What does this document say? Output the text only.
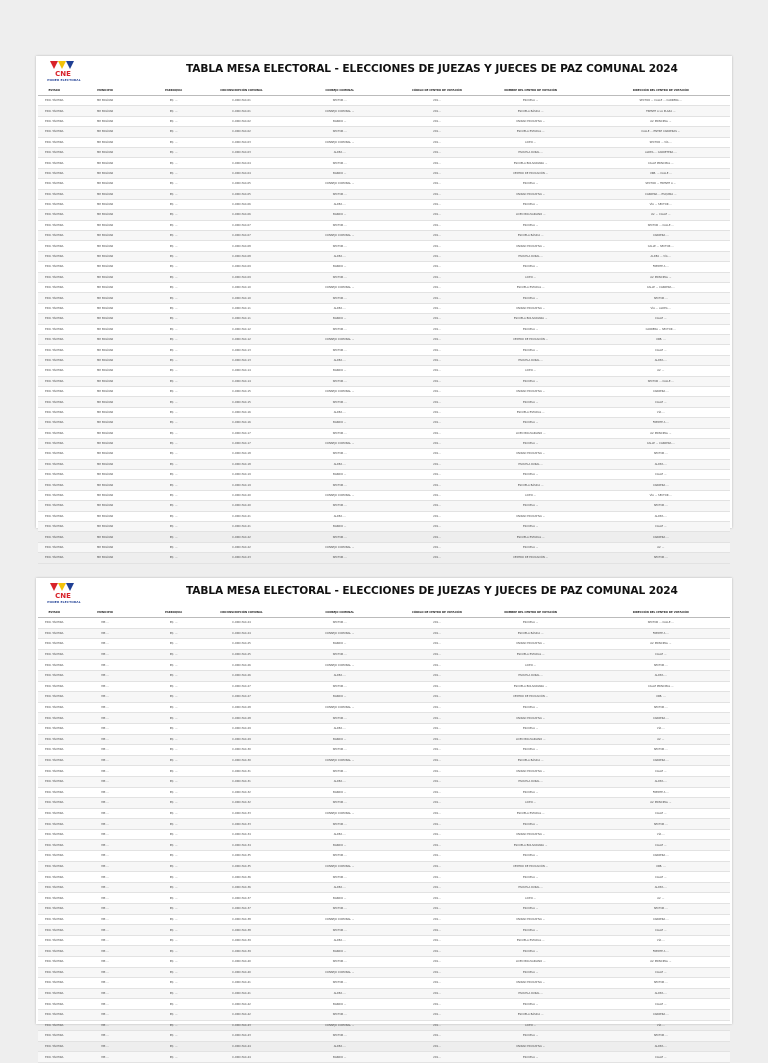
CNE
PODER ELECTORAL
TABLA MESA ELECTORAL - ELECCIONES DE JUEZAS Y JUECES DE PAZ COMUNAL 2024
ESTADO	MUNICIPIO	PARROQUIA	CIRCUNSCRIPCIÓN COMUNAL	CONSEJO COMUNAL	CÓDIGO DE CENTRO DE VOTACIÓN	NOMBRE DEL CENTRO DE VOTACIÓN	DIRECCIÓN DEL CENTRO DE VOTACIÓN
EDO. TÁCHIRA	MP. BOLÍVAR	PQ. ...	C-CIRC-TAC-01	SECTOR ...	201...	ESCUELA ...	SECTOR ... CALLE ... CARRERA ...
EDO. TÁCHIRA	MP. BOLÍVAR	PQ. ...	C-CIRC-TAC-01	CONSEJO COMUNAL ...	201...	ESCUELA BÁSICA ...	FRENTE A LA PLAZA ...
EDO. TÁCHIRA	MP. BOLÍVAR	PQ. ...	C-CIRC-TAC-02	BARRIO ...	201...	UNIDAD EDUCATIVA ...	AV. PRINCIPAL ...
EDO. TÁCHIRA	MP. BOLÍVAR	PQ. ...	C-CIRC-TAC-02	SECTOR ...	201...	ESCUELA ESTADAL ...	CALLE ... ENTRE CARRERAS ...
EDO. TÁCHIRA	MP. BOLÍVAR	PQ. ...	C-CIRC-TAC-03	CONSEJO COMUNAL ...	201...	LICEO ...	SECTOR ... VÍA ...
EDO. TÁCHIRA	MP. BOLÍVAR	PQ. ...	C-CIRC-TAC-03	ALDEA ...	201...	ESCUELA RURAL ...	ALDEA ... CARRETERA ...
EDO. TÁCHIRA	MP. BOLÍVAR	PQ. ...	C-CIRC-TAC-04	SECTOR ...	201...	ESCUELA BOLIVARIANA ...	CALLE PRINCIPAL ...
EDO. TÁCHIRA	MP. BOLÍVAR	PQ. ...	C-CIRC-TAC-04	BARRIO ...	201...	CENTRO DE EDUCACIÓN ...	URB. ... CALLE ...
EDO. TÁCHIRA	MP. BOLÍVAR	PQ. ...	C-CIRC-TAC-05	CONSEJO COMUNAL ...	201...	ESCUELA ...	SECTOR ... FRENTE A ...
EDO. TÁCHIRA	MP. BOLÍVAR	PQ. ...	C-CIRC-TAC-05	SECTOR ...	201...	UNIDAD EDUCATIVA ...	CARRERA ... ESQUINA ...
EDO. TÁCHIRA	MP. BOLÍVAR	PQ. ...	C-CIRC-TAC-06	ALDEA ...	201...	ESCUELA ...	VÍA ... SECTOR ...
EDO. TÁCHIRA	MP. BOLÍVAR	PQ. ...	C-CIRC-TAC-06	BARRIO ...	201...	LICEO BOLIVARIANO ...	AV. ... CALLE ...
EDO. TÁCHIRA	MP. BOLÍVAR	PQ. ...	C-CIRC-TAC-07	SECTOR ...	201...	ESCUELA ...	SECTOR ... CALLE ...
EDO. TÁCHIRA	MP. BOLÍVAR	PQ. ...	C-CIRC-TAC-07	CONSEJO COMUNAL ...	201...	ESCUELA BÁSICA ...	CARRERA ...
EDO. TÁCHIRA	MP. BOLÍVAR	PQ. ...	C-CIRC-TAC-08	SECTOR ...	201...	UNIDAD EDUCATIVA ...	CALLE ... SECTOR ...
EDO. TÁCHIRA	MP. BOLÍVAR	PQ. ...	C-CIRC-TAC-08	ALDEA ...	201...	ESCUELA RURAL ...	ALDEA ... VÍA ...
EDO. TÁCHIRA	MP. BOLÍVAR	PQ. ...	C-CIRC-TAC-09	BARRIO ...	201...	ESCUELA ...	FRENTE A ...
EDO. TÁCHIRA	MP. BOLÍVAR	PQ. ...	C-CIRC-TAC-09	SECTOR ...	201...	LICEO ...	AV. PRINCIPAL ...
EDO. TÁCHIRA	MP. BOLÍVAR	PQ. ...	C-CIRC-TAC-10	CONSEJO COMUNAL ...	201...	ESCUELA ESTADAL ...	CALLE ... CARRERA ...
EDO. TÁCHIRA	MP. BOLÍVAR	PQ. ...	C-CIRC-TAC-10	SECTOR ...	201...	ESCUELA ...	SECTOR ...
EDO. TÁCHIRA	MP. BOLÍVAR	PQ. ...	C-CIRC-TAC-11	ALDEA ...	201...	UNIDAD EDUCATIVA ...	VÍA ... ALDEA ...
EDO. TÁCHIRA	MP. BOLÍVAR	PQ. ...	C-CIRC-TAC-11	BARRIO ...	201...	ESCUELA BOLIVARIANA ...	CALLE ...
EDO. TÁCHIRA	MP. BOLÍVAR	PQ. ...	C-CIRC-TAC-12	SECTOR ...	201...	ESCUELA ...	CARRERA ... SECTOR ...
EDO. TÁCHIRA	MP. BOLÍVAR	PQ. ...	C-CIRC-TAC-12	CONSEJO COMUNAL ...	201...	CENTRO DE EDUCACIÓN ...	URB. ...
EDO. TÁCHIRA	MP. BOLÍVAR	PQ. ...	C-CIRC-TAC-13	SECTOR ...	201...	ESCUELA ...	CALLE ...
EDO. TÁCHIRA	MP. BOLÍVAR	PQ. ...	C-CIRC-TAC-13	ALDEA ...	201...	ESCUELA RURAL ...	ALDEA ...
EDO. TÁCHIRA	MP. BOLÍVAR	PQ. ...	C-CIRC-TAC-14	BARRIO ...	201...	LICEO ...	AV. ...
EDO. TÁCHIRA	MP. BOLÍVAR	PQ. ...	C-CIRC-TAC-14	SECTOR ...	201...	ESCUELA ...	SECTOR ... CALLE ...
EDO. TÁCHIRA	MP. BOLÍVAR	PQ. ...	C-CIRC-TAC-15	CONSEJO COMUNAL ...	201...	UNIDAD EDUCATIVA ...	CARRERA ...
EDO. TÁCHIRA	MP. BOLÍVAR	PQ. ...	C-CIRC-TAC-15	SECTOR ...	201...	ESCUELA ...	CALLE ...
EDO. TÁCHIRA	MP. BOLÍVAR	PQ. ...	C-CIRC-TAC-16	ALDEA ...	201...	ESCUELA ESTADAL ...	VÍA ...
EDO. TÁCHIRA	MP. BOLÍVAR	PQ. ...	C-CIRC-TAC-16	BARRIO ...	201...	ESCUELA ...	FRENTE A ...
EDO. TÁCHIRA	MP. BOLÍVAR	PQ. ...	C-CIRC-TAC-17	SECTOR ...	201...	LICEO BOLIVARIANO ...	AV. PRINCIPAL ...
EDO. TÁCHIRA	MP. BOLÍVAR	PQ. ...	C-CIRC-TAC-17	CONSEJO COMUNAL ...	201...	ESCUELA ...	CALLE ... CARRERA ...
EDO. TÁCHIRA	MP. BOLÍVAR	PQ. ...	C-CIRC-TAC-18	SECTOR ...	201...	UNIDAD EDUCATIVA ...	SECTOR ...
EDO. TÁCHIRA	MP. BOLÍVAR	PQ. ...	C-CIRC-TAC-18	ALDEA ...	201...	ESCUELA RURAL ...	ALDEA ...
EDO. TÁCHIRA	MP. BOLÍVAR	PQ. ...	C-CIRC-TAC-19	BARRIO ...	201...	ESCUELA ...	CALLE ...
EDO. TÁCHIRA	MP. BOLÍVAR	PQ. ...	C-CIRC-TAC-19	SECTOR ...	201...	ESCUELA BÁSICA ...	CARRERA ...
EDO. TÁCHIRA	MP. BOLÍVAR	PQ. ...	C-CIRC-TAC-20	CONSEJO COMUNAL ...	201...	LICEO ...	VÍA ... SECTOR ...
EDO. TÁCHIRA	MP. BOLÍVAR	PQ. ...	C-CIRC-TAC-20	SECTOR ...	201...	ESCUELA ...	SECTOR ...
EDO. TÁCHIRA	MP. BOLÍVAR	PQ. ...	C-CIRC-TAC-21	ALDEA ...	201...	UNIDAD EDUCATIVA ...	ALDEA ...
EDO. TÁCHIRA	MP. BOLÍVAR	PQ. ...	C-CIRC-TAC-21	BARRIO ...	201...	ESCUELA ...	CALLE ...
EDO. TÁCHIRA	MP. BOLÍVAR	PQ. ...	C-CIRC-TAC-22	SECTOR ...	201...	ESCUELA ESTADAL ...	CARRERA ...
EDO. TÁCHIRA	MP. BOLÍVAR	PQ. ...	C-CIRC-TAC-22	CONSEJO COMUNAL ...	201...	ESCUELA ...	AV. ...
EDO. TÁCHIRA	MP. BOLÍVAR	PQ. ...	C-CIRC-TAC-23	SECTOR ...	201...	CENTRO DE EDUCACIÓN ...	SECTOR ...
CNE
PODER ELECTORAL
TABLA MESA ELECTORAL - ELECCIONES DE JUEZAS Y JUECES DE PAZ COMUNAL 2024
ESTADO	MUNICIPIO	PARROQUIA	CIRCUNSCRIPCIÓN COMUNAL	CONSEJO COMUNAL	CÓDIGO DE CENTRO DE VOTACIÓN	NOMBRE DEL CENTRO DE VOTACIÓN	DIRECCIÓN DEL CENTRO DE VOTACIÓN
EDO. TÁCHIRA	MP. ...	PQ. ...	C-CIRC-TAC-24	SECTOR ...	201...	ESCUELA ...	SECTOR ... CALLE ...
EDO. TÁCHIRA	MP. ...	PQ. ...	C-CIRC-TAC-24	CONSEJO COMUNAL ...	201...	ESCUELA BÁSICA ...	FRENTE A ...
EDO. TÁCHIRA	MP. ...	PQ. ...	C-CIRC-TAC-25	BARRIO ...	201...	UNIDAD EDUCATIVA ...	AV. PRINCIPAL ...
EDO. TÁCHIRA	MP. ...	PQ. ...	C-CIRC-TAC-25	SECTOR ...	201...	ESCUELA ESTADAL ...	CALLE ...
EDO. TÁCHIRA	MP. ...	PQ. ...	C-CIRC-TAC-26	CONSEJO COMUNAL ...	201...	LICEO ...	SECTOR ...
EDO. TÁCHIRA	MP. ...	PQ. ...	C-CIRC-TAC-26	ALDEA ...	201...	ESCUELA RURAL ...	ALDEA ...
EDO. TÁCHIRA	MP. ...	PQ. ...	C-CIRC-TAC-27	SECTOR ...	201...	ESCUELA BOLIVARIANA ...	CALLE PRINCIPAL ...
EDO. TÁCHIRA	MP. ...	PQ. ...	C-CIRC-TAC-27	BARRIO ...	201...	CENTRO DE EDUCACIÓN ...	URB. ...
EDO. TÁCHIRA	MP. ...	PQ. ...	C-CIRC-TAC-28	CONSEJO COMUNAL ...	201...	ESCUELA ...	SECTOR ...
EDO. TÁCHIRA	MP. ...	PQ. ...	C-CIRC-TAC-28	SECTOR ...	201...	UNIDAD EDUCATIVA ...	CARRERA ...
EDO. TÁCHIRA	MP. ...	PQ. ...	C-CIRC-TAC-29	ALDEA ...	201...	ESCUELA ...	VÍA ...
EDO. TÁCHIRA	MP. ...	PQ. ...	C-CIRC-TAC-29	BARRIO ...	201...	LICEO BOLIVARIANO ...	AV. ...
EDO. TÁCHIRA	MP. ...	PQ. ...	C-CIRC-TAC-30	SECTOR ...	201...	ESCUELA ...	SECTOR ...
EDO. TÁCHIRA	MP. ...	PQ. ...	C-CIRC-TAC-30	CONSEJO COMUNAL ...	201...	ESCUELA BÁSICA ...	CARRERA ...
EDO. TÁCHIRA	MP. ...	PQ. ...	C-CIRC-TAC-31	SECTOR ...	201...	UNIDAD EDUCATIVA ...	CALLE ...
EDO. TÁCHIRA	MP. ...	PQ. ...	C-CIRC-TAC-31	ALDEA ...	201...	ESCUELA RURAL ...	ALDEA ...
EDO. TÁCHIRA	MP. ...	PQ. ...	C-CIRC-TAC-32	BARRIO ...	201...	ESCUELA ...	FRENTE A ...
EDO. TÁCHIRA	MP. ...	PQ. ...	C-CIRC-TAC-32	SECTOR ...	201...	LICEO ...	AV. PRINCIPAL ...
EDO. TÁCHIRA	MP. ...	PQ. ...	C-CIRC-TAC-33	CONSEJO COMUNAL ...	201...	ESCUELA ESTADAL ...	CALLE ...
EDO. TÁCHIRA	MP. ...	PQ. ...	C-CIRC-TAC-33	SECTOR ...	201...	ESCUELA ...	SECTOR ...
EDO. TÁCHIRA	MP. ...	PQ. ...	C-CIRC-TAC-34	ALDEA ...	201...	UNIDAD EDUCATIVA ...	VÍA ...
EDO. TÁCHIRA	MP. ...	PQ. ...	C-CIRC-TAC-34	BARRIO ...	201...	ESCUELA BOLIVARIANA ...	CALLE ...
EDO. TÁCHIRA	MP. ...	PQ. ...	C-CIRC-TAC-35	SECTOR ...	201...	ESCUELA ...	CARRERA ...
EDO. TÁCHIRA	MP. ...	PQ. ...	C-CIRC-TAC-35	CONSEJO COMUNAL ...	201...	CENTRO DE EDUCACIÓN ...	URB. ...
EDO. TÁCHIRA	MP. ...	PQ. ...	C-CIRC-TAC-36	SECTOR ...	201...	ESCUELA ...	CALLE ...
EDO. TÁCHIRA	MP. ...	PQ. ...	C-CIRC-TAC-36	ALDEA ...	201...	ESCUELA RURAL ...	ALDEA ...
EDO. TÁCHIRA	MP. ...	PQ. ...	C-CIRC-TAC-37	BARRIO ...	201...	LICEO ...	AV. ...
EDO. TÁCHIRA	MP. ...	PQ. ...	C-CIRC-TAC-37	SECTOR ...	201...	ESCUELA ...	SECTOR ...
EDO. TÁCHIRA	MP. ...	PQ. ...	C-CIRC-TAC-38	CONSEJO COMUNAL ...	201...	UNIDAD EDUCATIVA ...	CARRERA ...
EDO. TÁCHIRA	MP. ...	PQ. ...	C-CIRC-TAC-38	SECTOR ...	201...	ESCUELA ...	CALLE ...
EDO. TÁCHIRA	MP. ...	PQ. ...	C-CIRC-TAC-39	ALDEA ...	201...	ESCUELA ESTADAL ...	VÍA ...
EDO. TÁCHIRA	MP. ...	PQ. ...	C-CIRC-TAC-39	BARRIO ...	201...	ESCUELA ...	FRENTE A ...
EDO. TÁCHIRA	MP. ...	PQ. ...	C-CIRC-TAC-40	SECTOR ...	201...	LICEO BOLIVARIANO ...	AV. PRINCIPAL ...
EDO. TÁCHIRA	MP. ...	PQ. ...	C-CIRC-TAC-40	CONSEJO COMUNAL ...	201...	ESCUELA ...	CALLE ...
EDO. TÁCHIRA	MP. ...	PQ. ...	C-CIRC-TAC-41	SECTOR ...	201...	UNIDAD EDUCATIVA ...	SECTOR ...
EDO. TÁCHIRA	MP. ...	PQ. ...	C-CIRC-TAC-41	ALDEA ...	201...	ESCUELA RURAL ...	ALDEA ...
EDO. TÁCHIRA	MP. ...	PQ. ...	C-CIRC-TAC-42	BARRIO ...	201...	ESCUELA ...	CALLE ...
EDO. TÁCHIRA	MP. ...	PQ. ...	C-CIRC-TAC-42	SECTOR ...	201...	ESCUELA BÁSICA ...	CARRERA ...
EDO. TÁCHIRA	MP. ...	PQ. ...	C-CIRC-TAC-43	CONSEJO COMUNAL ...	201...	LICEO ...	VÍA ...
EDO. TÁCHIRA	MP. ...	PQ. ...	C-CIRC-TAC-43	SECTOR ...	201...	ESCUELA ...	SECTOR ...
EDO. TÁCHIRA	MP. ...	PQ. ...	C-CIRC-TAC-44	ALDEA ...	201...	UNIDAD EDUCATIVA ...	ALDEA ...
EDO. TÁCHIRA	MP. ...	PQ. ...	C-CIRC-TAC-44	BARRIO ...	201...	ESCUELA ...	CALLE ...
